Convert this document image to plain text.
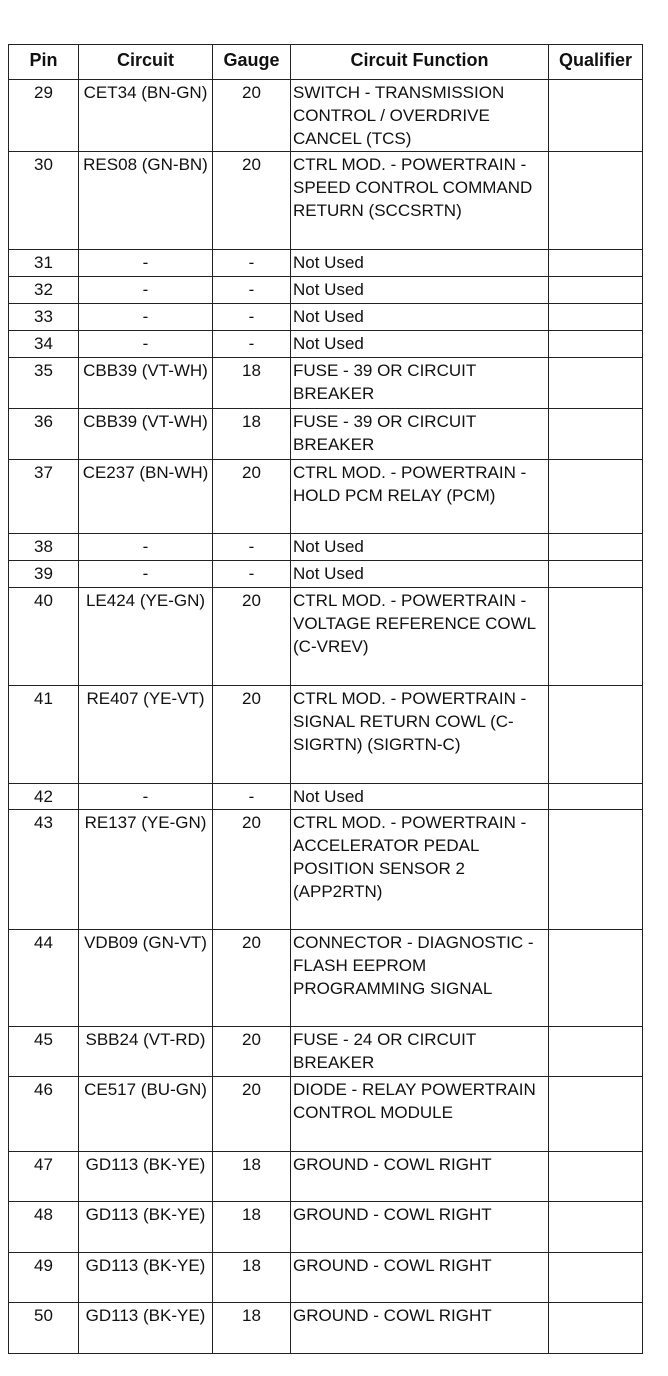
Pin	Circuit	Gauge	Circuit Function	Qualifier
29	CET34 (BN-GN)	20	SWITCH - TRANSMISSION CONTROL / OVERDRIVE CANCEL (TCS)	
30	RES08 (GN-BN)	20	CTRL MOD. - POWERTRAIN - SPEED CONTROL COMMAND RETURN (SCCSRTN)	
31	-	-	Not Used	
32	-	-	Not Used	
33	-	-	Not Used	
34	-	-	Not Used	
35	CBB39 (VT-WH)	18	FUSE - 39 OR CIRCUIT BREAKER	
36	CBB39 (VT-WH)	18	FUSE - 39 OR CIRCUIT BREAKER	
37	CE237 (BN-WH)	20	CTRL MOD. - POWERTRAIN - HOLD PCM RELAY (PCM)	
38	-	-	Not Used	
39	-	-	Not Used	
40	LE424 (YE-GN)	20	CTRL MOD. - POWERTRAIN - VOLTAGE REFERENCE COWL (C-VREV)	
41	RE407 (YE-VT)	20	CTRL MOD. - POWERTRAIN - SIGNAL RETURN COWL (C-SIGRTN) (SIGRTN-C)	
42	-	-	Not Used	
43	RE137 (YE-GN)	20	CTRL MOD. - POWERTRAIN - ACCELERATOR PEDAL POSITION SENSOR 2 (APP2RTN)	
44	VDB09 (GN-VT)	20	CONNECTOR - DIAGNOSTIC - FLASH EEPROM PROGRAMMING SIGNAL	
45	SBB24 (VT-RD)	20	FUSE - 24 OR CIRCUIT BREAKER	
46	CE517 (BU-GN)	20	DIODE - RELAY POWERTRAIN CONTROL MODULE	
47	GD113 (BK-YE)	18	GROUND - COWL RIGHT	
48	GD113 (BK-YE)	18	GROUND - COWL RIGHT	
49	GD113 (BK-YE)	18	GROUND - COWL RIGHT	
50	GD113 (BK-YE)	18	GROUND - COWL RIGHT	
